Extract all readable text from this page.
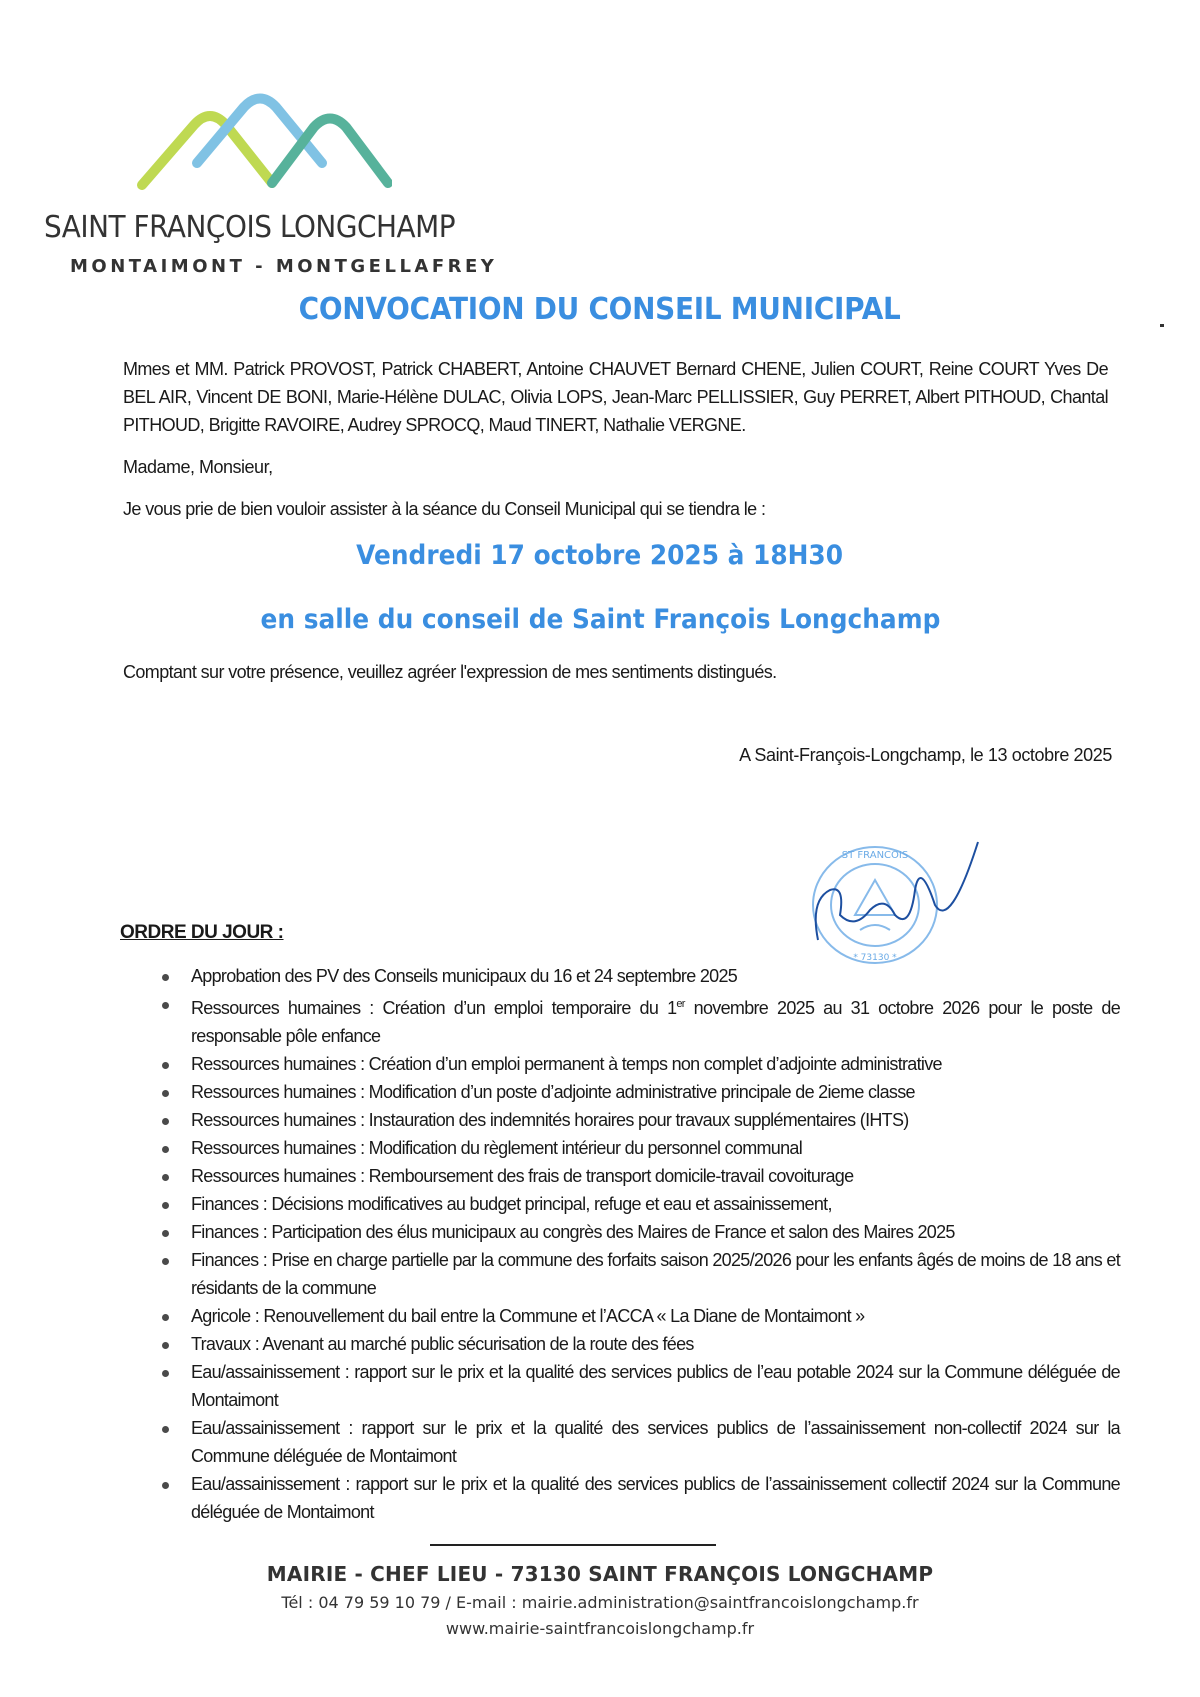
SAINT FRANÇOIS LONGCHAMP
MONTAIMONT - MONTGELLAFREY
CONVOCATION DU CONSEIL MUNICIPAL
Mmes et MM. Patrick PROVOST, Patrick CHABERT, Antoine CHAUVET Bernard CHENE, Julien COURT, Reine COURT Yves De BEL AIR, Vincent DE BONI, Marie-Hélène DULAC, Olivia LOPS, Jean-Marc PELLISSIER, Guy PERRET, Albert PITHOUD, Chantal PITHOUD, Brigitte RAVOIRE, Audrey SPROCQ, Maud TINERT, Nathalie VERGNE.
Madame, Monsieur,
Je vous prie de bien vouloir assister à la séance du Conseil Municipal qui se tiendra le :
Vendredi 17 octobre 2025 à 18H30
en salle du conseil de Saint François Longchamp
Comptant sur votre présence, veuillez agréer l'expression de mes sentiments distingués.
A Saint-François-Longchamp, le 13 octobre 2025
ST FRANCOIS
* 73130 *
ORDRE DU JOUR :
Approbation des PV des Conseils municipaux du 16 et 24 septembre 2025
Ressources humaines : Création d’un emploi temporaire du 1er novembre 2025 au 31 octobre 2026 pour le poste de responsable pôle enfance
Ressources humaines : Création d’un emploi permanent à temps non complet d’adjointe administrative
Ressources humaines : Modification d’un poste d’adjointe administrative principale de 2ieme classe
Ressources humaines : Instauration des indemnités horaires pour travaux supplémentaires (IHTS)
Ressources humaines : Modification du règlement intérieur du personnel communal
Ressources humaines : Remboursement des frais de transport domicile-travail covoiturage
Finances : Décisions modificatives au budget principal, refuge et eau et assainissement,
Finances : Participation des élus municipaux au congrès des Maires de France et salon des Maires 2025
Finances : Prise en charge partielle par la commune des forfaits saison 2025/2026 pour les enfants âgés de moins de 18 ans et résidants de la commune
Agricole : Renouvellement du bail entre la Commune et l’ACCA « La Diane de Montaimont »
Travaux : Avenant au marché public sécurisation de la route des fées
Eau/assainissement : rapport sur le prix et la qualité des services publics de l’eau potable 2024 sur la Commune déléguée de Montaimont
Eau/assainissement : rapport sur le prix et la qualité des services publics de l’assainissement non-collectif 2024 sur la Commune déléguée de Montaimont
Eau/assainissement : rapport sur le prix et la qualité des services publics de l’assainissement collectif 2024 sur la Commune déléguée de Montaimont
MAIRIE - CHEF LIEU - 73130 SAINT FRANÇOIS LONGCHAMP
Tél : 04 79 59 10 79 / E-mail : mairie.administration@saintfrancoislongchamp.fr
www.mairie-saintfrancoislongchamp.fr
